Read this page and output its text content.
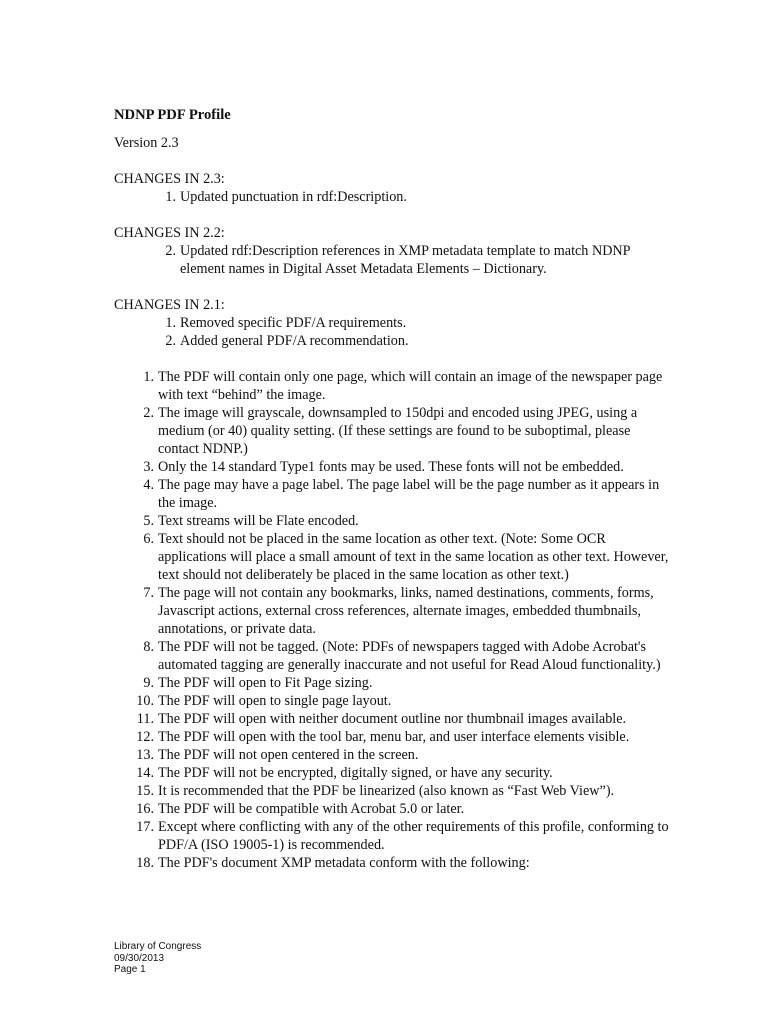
NDNP PDF Profile
Version 2.3
CHANGES IN 2.3:
1. Updated punctuation in rdf:Description.
CHANGES IN 2.2:
2. Updated rdf:Description references in XMP metadata template to match NDNP element names in Digital Asset Metadata Elements – Dictionary.
CHANGES IN 2.1:
1. Removed specific PDF/A requirements.
2. Added general PDF/A recommendation.
1. The PDF will contain only one page, which will contain an image of the newspaper page with text “behind” the image.
2. The image will grayscale, downsampled to 150dpi and encoded using JPEG, using a medium (or 40) quality setting. (If these settings are found to be suboptimal, please contact NDNP.)
3. Only the 14 standard Type1 fonts may be used. These fonts will not be embedded.
4. The page may have a page label. The page label will be the page number as it appears in the image.
5. Text streams will be Flate encoded.
6. Text should not be placed in the same location as other text. (Note: Some OCR applications will place a small amount of text in the same location as other text. However, text should not deliberately be placed in the same location as other text.)
7. The page will not contain any bookmarks, links, named destinations, comments, forms, Javascript actions, external cross references, alternate images, embedded thumbnails, annotations, or private data.
8. The PDF will not be tagged. (Note: PDFs of newspapers tagged with Adobe Acrobat's automated tagging are generally inaccurate and not useful for Read Aloud functionality.)
9. The PDF will open to Fit Page sizing.
10. The PDF will open to single page layout.
11. The PDF will open with neither document outline nor thumbnail images available.
12. The PDF will open with the tool bar, menu bar, and user interface elements visible.
13. The PDF will not open centered in the screen.
14. The PDF will not be encrypted, digitally signed, or have any security.
15. It is recommended that the PDF be linearized (also known as “Fast Web View”).
16. The PDF will be compatible with Acrobat 5.0 or later.
17. Except where conflicting with any of the other requirements of this profile, conforming to PDF/A (ISO 19005-1) is recommended.
18. The PDF's document XMP metadata conform with the following:
Library of Congress
09/30/2013
Page 1
